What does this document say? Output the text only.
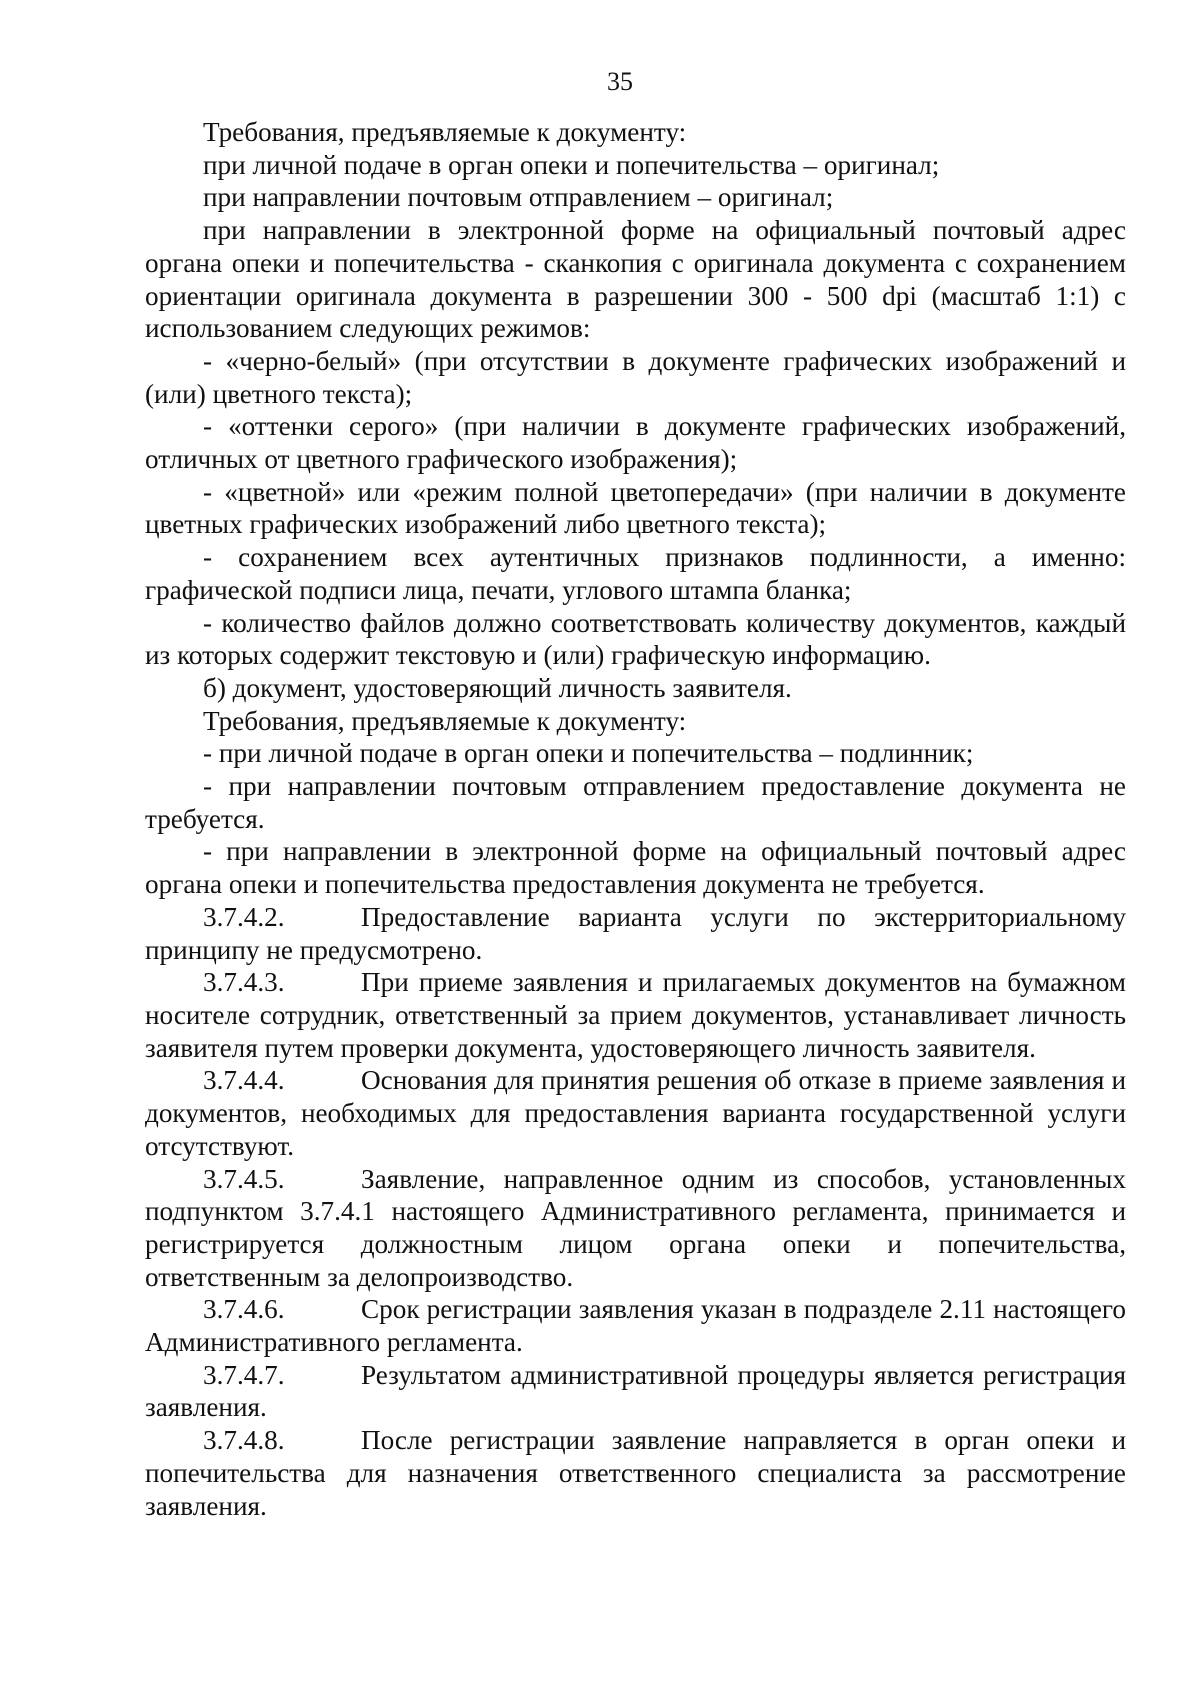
35

Требования, предъявляемые к документу:

при личной подаче в орган опеки и попечительства – оригинал;

при направлении почтовым отправлением – оригинал;

при направлении в электронной форме на официальный почтовый адрес органа опеки и попечительства - сканкопия с оригинала документа с сохранением ориентации оригинала документа в разрешении 300 - 500 dpi (масштаб 1:1) с использованием следующих режимов:

- «черно-белый» (при отсутствии в документе графических изображений и (или) цветного текста);

- «оттенки серого» (при наличии в документе графических изображений, отличных от цветного графического изображения);

- «цветной» или «режим полной цветопередачи» (при наличии в документе цветных графических изображений либо цветного текста);

- сохранением всех аутентичных признаков подлинности, а именно: графической подписи лица, печати, углового штампа бланка;

- количество файлов должно соответствовать количеству документов, каждый из которых содержит текстовую и (или) графическую информацию.

б) документ, удостоверяющий личность заявителя.

Требования, предъявляемые к документу:

- при личной подаче в орган опеки и попечительства – подлинник;

- при направлении почтовым отправлением предоставление документа не требуется.

- при направлении в электронной форме на официальный почтовый адрес органа опеки и попечительства предоставления документа не требуется.

3.7.4.2.	Предоставление варианта услуги по экстерриториальному принципу не предусмотрено.

3.7.4.3.	При приеме заявления и прилагаемых документов на бумажном носителе сотрудник, ответственный за прием документов, устанавливает личность заявителя путем проверки документа, удостоверяющего личность заявителя.

3.7.4.4.	Основания для принятия решения об отказе в приеме заявления и документов, необходимых для предоставления варианта государственной услуги отсутствуют.

3.7.4.5.	Заявление, направленное одним из способов, установленных подпунктом 3.7.4.1 настоящего Административного регламента, принимается и регистрируется должностным лицом органа опеки и попечительства, ответственным за делопроизводство.

3.7.4.6.	Срок регистрации заявления указан в подразделе 2.11 настоящего Административного регламента.

3.7.4.7.	Результатом административной процедуры является регистрация заявления.

3.7.4.8.	После регистрации заявление направляется в орган опеки и попечительства для назначения ответственного специалиста за рассмотрение заявления.
